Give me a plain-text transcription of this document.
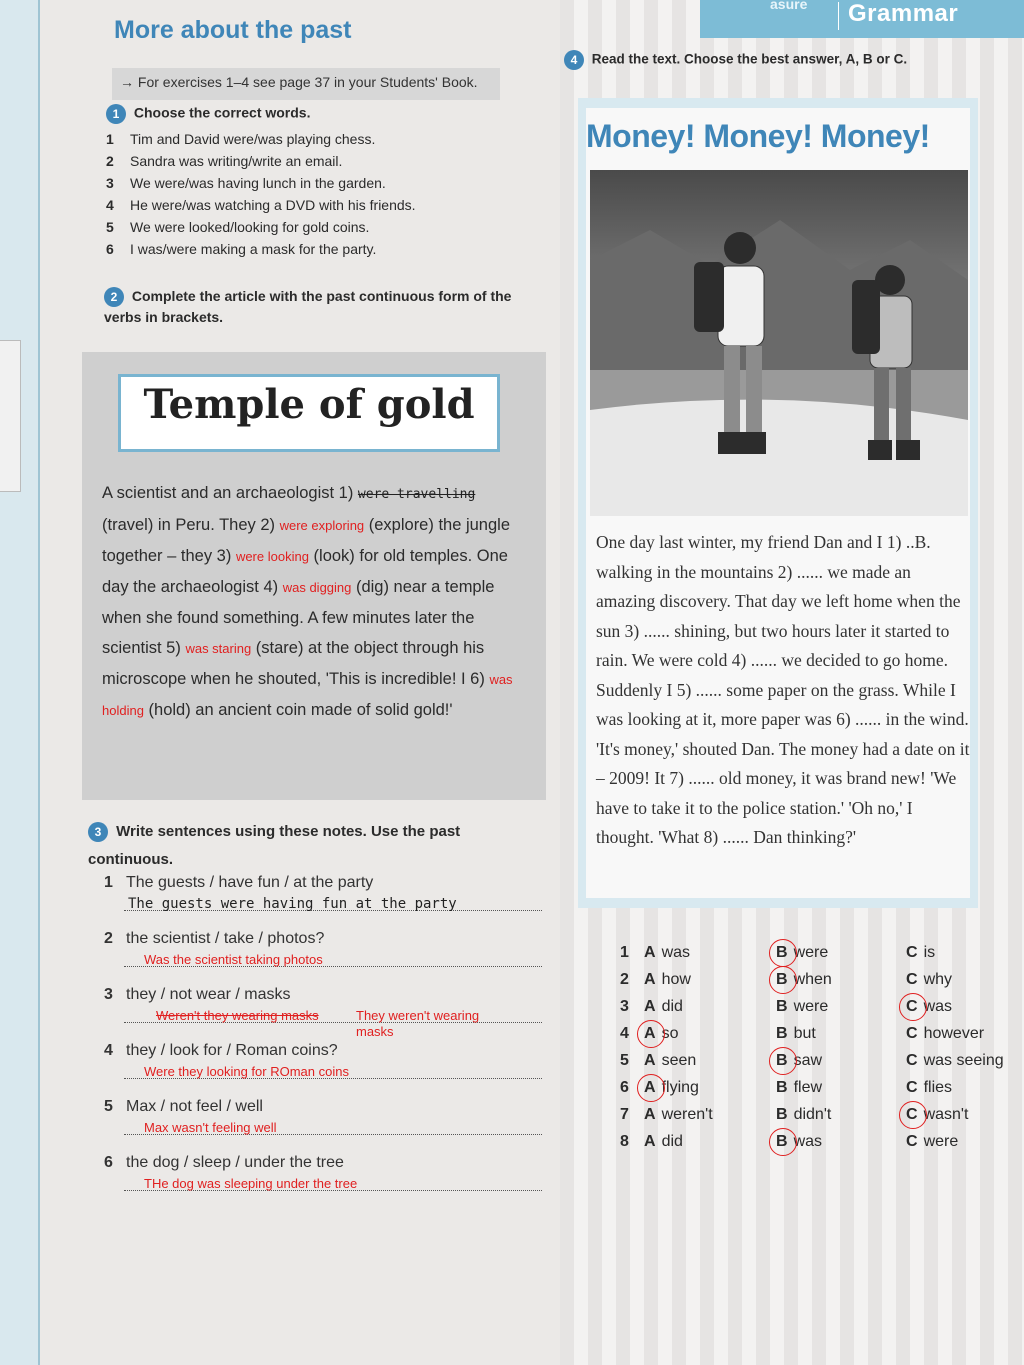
asure Grammar
More about the past
→ For exercises 1–4 see page 37 in your Students' Book.
1 Choose the correct words.
1 Tim and David were/was playing chess.
2 Sandra was writing/write an email.
3 We were/was having lunch in the garden.
4 He were/was watching a DVD with his friends.
5 We were looked/looking for gold coins.
6 I was/were making a mask for the party.
2 Complete the article with the past continuous form of the verbs in brackets.
Temple of gold
A scientist and an archaeologist 1) were travelling (travel) in Peru. They 2) were exploring (explore) the jungle together – they 3) were looking (look) for old temples. One day the archaeologist 4) was digging (dig) near a temple when she found something. A few minutes later the scientist 5) was staring (stare) at the object through his microscope when he shouted, 'This is incredible! I 6) was holding (hold) an ancient coin made of solid gold!'
3 Write sentences using these notes. Use the past continuous.
1 The guests / have fun / at the party
The guests were having fun at the party
2 the scientist / take / photos?
Was the scientist taking photos
3 they / not wear / masks
Weren't they wearing masks	They weren't wearing
masks
4 they / look for / Roman coins?
Were they looking for ROman coins
5 Max / not feel / well
Max wasn't feeling well
6 the dog / sleep / under the tree
THe dog was sleeping under the tree
4 Read the text. Choose the best answer, A, B or C.
Money! Money! Money!
One day last winter, my friend Dan and I 1) ..B. walking in the mountains 2) ...... we made an amazing discovery. That day we left home when the sun 3) ...... shining, but two hours later it started to rain. We were cold 4) ...... we decided to go home. Suddenly I 5) ...... some paper on the grass. While I was looking at it, more paper was 6) ...... in the wind. 'It's money,' shouted Dan. The money had a date on it – 2009! It 7) ...... old money, it was brand new! 'We have to take it to the police station.' 'Oh no,' I thought. 'What 8) ...... Dan thinking?'
1 A was	B were	C is
2 A how	B when	C why
3 A did	B were	C was
4 A so	B but	C however
5 A seen	B saw	C was seeing
6 A flying	B flew	C flies
7 A weren't	B didn't	C wasn't
8 A did	B was	C were
